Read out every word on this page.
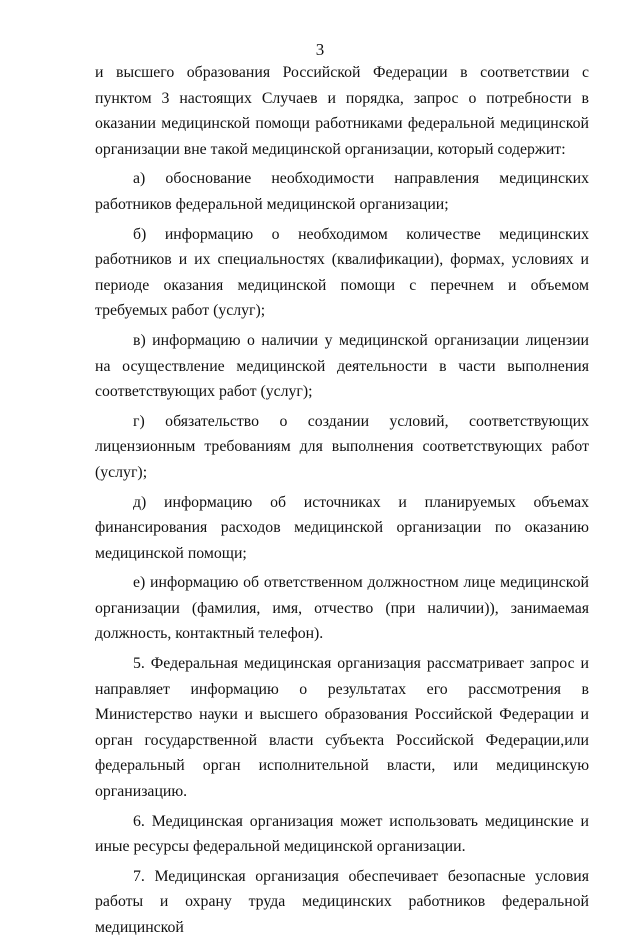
3

и высшего образования Российской Федерации в соответствии с пунктом 3 настоящих Случаев и порядка, запрос о потребности в оказании медицинской помощи работниками федеральной медицинской организации вне такой медицинской организации, который содержит:

а) обоснование необходимости направления медицинских работников федеральной медицинской организации;

б) информацию о необходимом количестве медицинских работников и их специальностях (квалификации), формах, условиях и периоде оказания медицинской помощи с перечнем и объемом требуемых работ (услуг);

в) информацию о наличии у медицинской организации лицензии на осуществление медицинской деятельности в части выполнения соответствующих работ (услуг);

г) обязательство о создании условий, соответствующих лицензионным требованиям для выполнения соответствующих работ (услуг);

д) информацию об источниках и планируемых объемах финансирования расходов медицинской организации по оказанию медицинской помощи;

е) информацию об ответственном должностном лице медицинской организации (фамилия, имя, отчество (при наличии)), занимаемая должность, контактный телефон).

5. Федеральная медицинская организация рассматривает запрос и направляет информацию о результатах его рассмотрения в Министерство науки и высшего образования Российской Федерации и орган государственной власти субъекта Российской Федерации,или федеральный орган исполнительной власти, или медицинскую организацию.

6. Медицинская организация может использовать медицинские и иные ресурсы федеральной медицинской организации.

7. Медицинская организация обеспечивает безопасные условия работы и охрану труда медицинских работников федеральной медицинской
